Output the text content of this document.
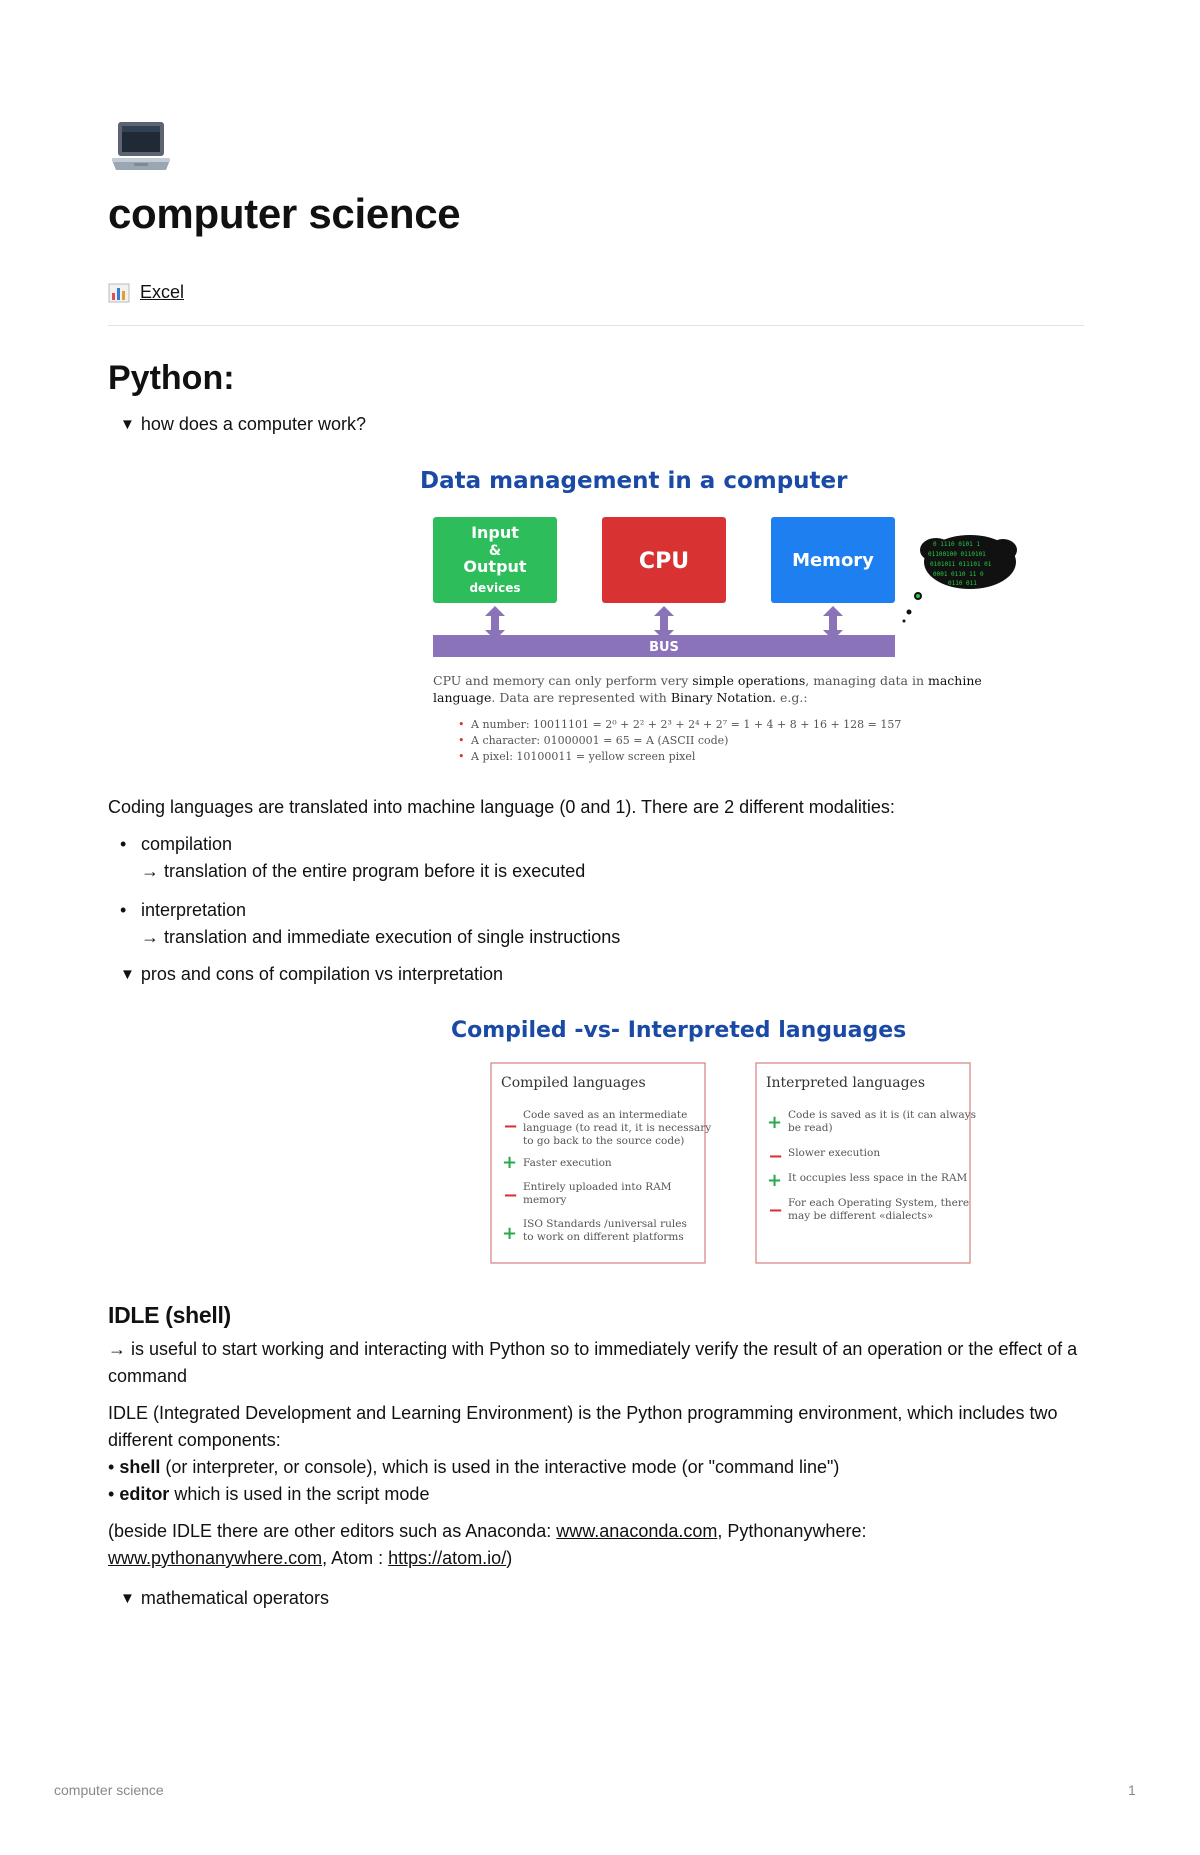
computer science
Excel
Python:
▼ how does a computer work?
Data management in a computer
Input
&
Output
devices
CPU	Memory
BUS
0 1110 0101 1
01100100 0110101
0101011 011101 01
0001 0110 11 0
0110 011
CPU and memory can only perform very simple operations, managing data in machine
language. Data are represented with Binary Notation. e.g.:
• A number: 10011101 = 2⁰ + 2² + 2³ + 2⁴ + 2⁷ = 1 + 4 + 8 + 16 + 128 = 157
• A character: 01000001 = 65 = A (ASCII code)
• A pixel: 10100011 = yellow screen pixel
Coding languages are translated into machine language (0 and 1). There are 2 different modalities:
• compilation
→ translation of the entire program before it is executed
• interpretation
→ translation and immediate execution of single instructions
▼ pros and cons of compilation vs interpretation
Compiled -vs- Interpreted languages
Compiled languages
−
Code saved as an intermediate
language (to read it, it is necessary
to go back to the source code)
+ Faster execution
− Entirely uploaded into RAM
memory
+ ISO Standards /universal rules
to work on different platforms
Interpreted languages
+ Code is saved as it is (it can always
be read)
− Slower execution
+ It occupies less space in the RAM
− For each Operating System, there
may be different «dialects»
IDLE (shell)
→ is useful to start working and interacting with Python so to immediately verify the result of an operation or the effect of a
command
IDLE (Integrated Development and Learning Environment) is the Python programming environment, which includes two
different components:
• shell (or interpreter, or console), which is used in the interactive mode (or "command line")
• editor which is used in the script mode
(beside IDLE there are other editors such as Anaconda: www.anaconda.com, Pythonanywhere:
www.pythonanywhere.com, Atom : https://atom.io/)
▼ mathematical operators
computer science	1
